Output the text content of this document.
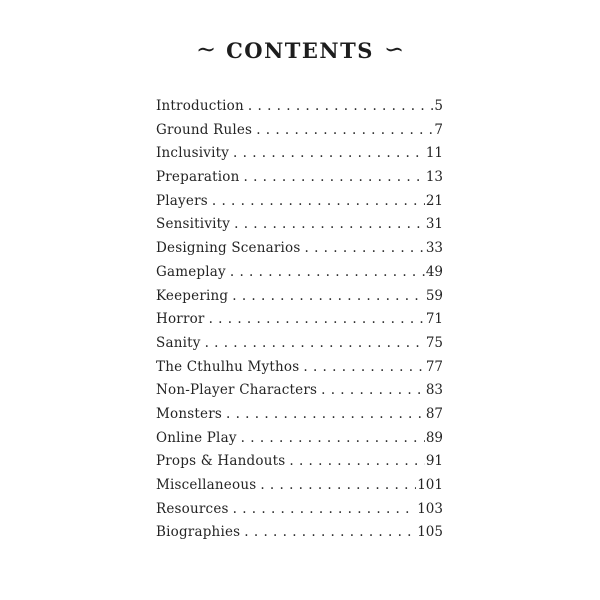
∼ CONTENTS ∼
Introduction . . .	5
Ground Rules . . .	7
Inclusivity . . .	11
Preparation . . .	13
Players . . .	21
Sensitivity . . .	31
Designing Scenarios . . .	33
Gameplay . . .	49
Keepering . . .	59
Horror . . .	71
Sanity . . .	75
The Cthulhu Mythos . . .	77
Non-Player Characters . . .	83
Monsters . . .	87
Online Play . . .	89
Props & Handouts . . .	91
Miscellaneous . . .	101
Resources . . .	103
Biographies . . .	105
